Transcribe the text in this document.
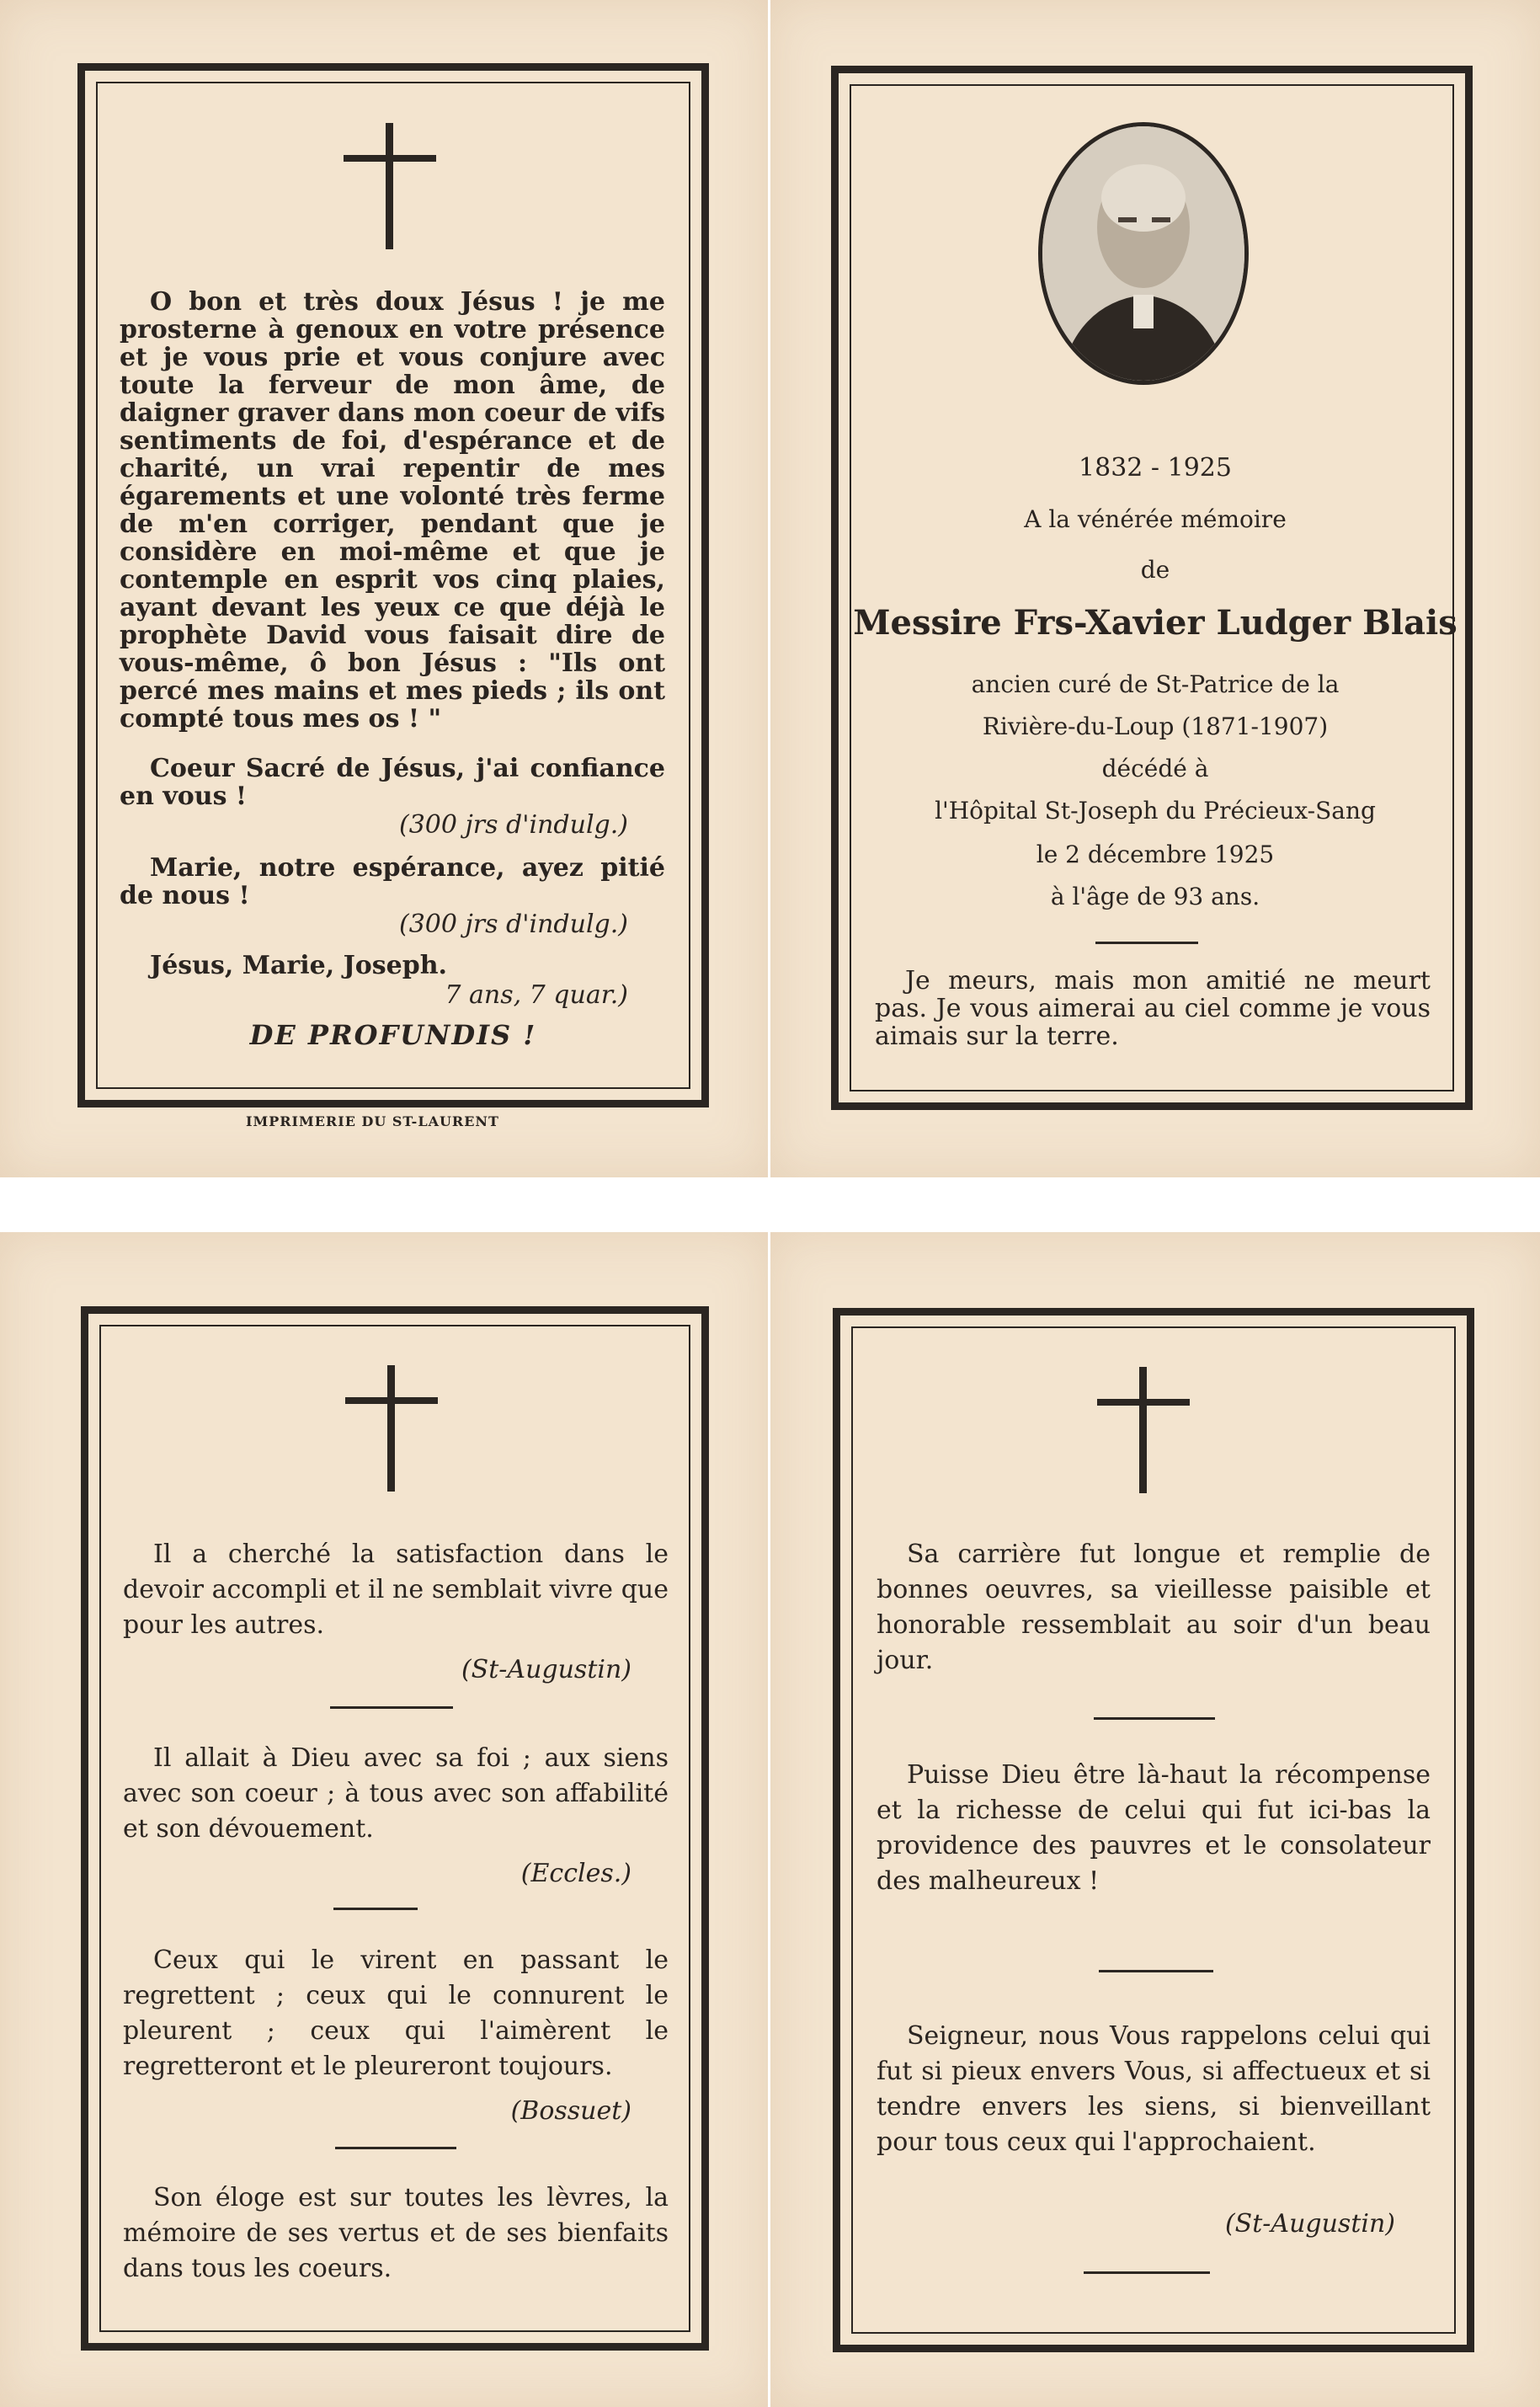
O bon et très doux Jésus ! je me prosterne à genoux en votre présence et je vous prie et vous conjure avec toute la ferveur de mon âme, de daigner graver dans mon coeur de vifs sentiments de foi, d'espérance et de charité, un vrai repentir de mes égarements et une volonté très ferme de m'en corriger, pendant que je considère en moi-même et que je contemple en esprit vos cinq plaies, ayant devant les yeux ce que déjà le prophète David vous faisait dire de vous-même, ô bon Jésus : "Ils ont percé mes mains et mes pieds ; ils ont compté tous mes os ! "
Coeur Sacré de Jésus, j'ai confiance en vous !
(300 jrs d'indulg.)
Marie, notre espérance, ayez pitié de nous !
(300 jrs d'indulg.)
Jésus, Marie, Joseph.
7 ans, 7 quar.)
DE PROFUNDIS !
IMPRIMERIE DU ST-LAURENT
1832 - 1925
A la vénérée mémoire
de
Messire Frs-Xavier Ludger Blais
ancien curé de St-Patrice de la
Rivière-du-Loup (1871-1907)
décédé à
l'Hôpital St-Joseph du Précieux-Sang
le 2 décembre 1925
à l'âge de 93 ans.
Je meurs, mais mon amitié ne meurt pas. Je vous aimerai au ciel comme je vous aimais sur la terre.
Il a cherché la satisfaction dans le devoir accompli et il ne semblait vivre que pour les autres.
(St-Augustin)
Il allait à Dieu avec sa foi ; aux siens avec son coeur ; à tous avec son affabilité et son dévouement.
(Eccles.)
Ceux qui le virent en passant le regrettent ; ceux qui le connurent le pleurent ; ceux qui l'aimèrent le regretteront et le pleureront toujours.
(Bossuet)
Son éloge est sur toutes les lèvres, la mémoire de ses vertus et de ses bienfaits dans tous les coeurs.
Sa carrière fut longue et remplie de bonnes oeuvres, sa vieillesse paisible et honorable ressemblait au soir d'un beau jour.
Puisse Dieu être là-haut la récompense et la richesse de celui qui fut ici-bas la providence des pauvres et le consolateur des malheureux !
Seigneur, nous Vous rappelons celui qui fut si pieux envers Vous, si affectueux et si tendre envers les siens, si bienveillant pour tous ceux qui l'approchaient.
(St-Augustin)
